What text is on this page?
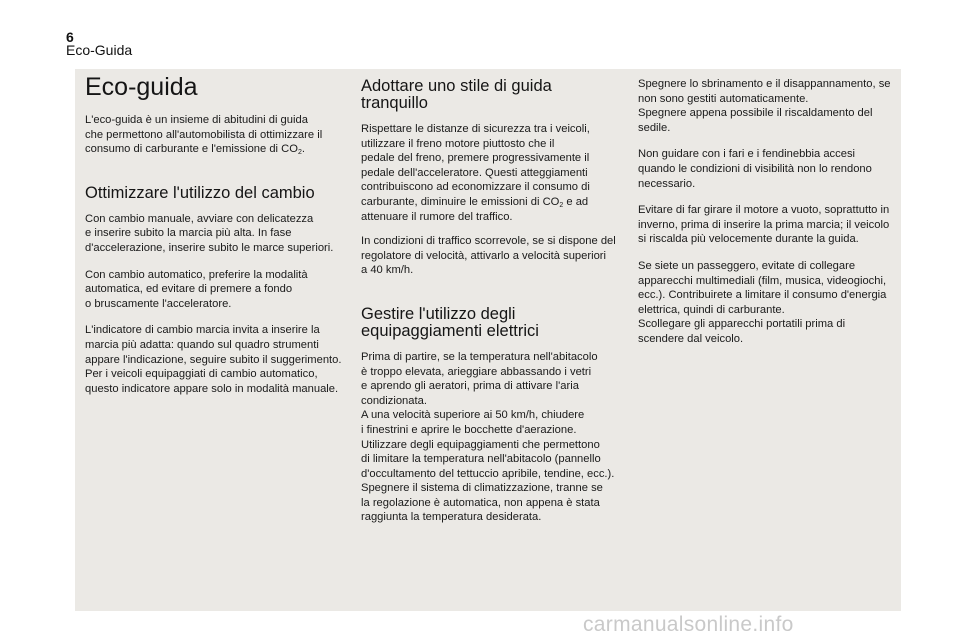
6
Eco-Guida
Eco-guida

L'eco-guida è un insieme di abitudini di guida
che permettono all'automobilista di ottimizzare il
consumo di carburante e l'emissione di $CO_2$.

Ottimizzare l'utilizzo del cambio

Con cambio manuale, avviare con delicatezza
e inserire subito la marcia più alta. In fase
d'accelerazione, inserire subito le marce superiori.

Con cambio automatico, preferire la modalità
automatica, ed evitare di premere a fondo
o bruscamente l'acceleratore.

L'indicatore di cambio marcia invita a inserire la
marcia più adatta: quando sul quadro strumenti
appare l'indicazione, seguire subito il suggerimento.
Per i veicoli equipaggiati di cambio automatico,
questo indicatore appare solo in modalità manuale.

Adottare uno stile di guida
tranquillo

Rispettare le distanze di sicurezza tra i veicoli,
utilizzare il freno motore piuttosto che il
pedale del freno, premere progressivamente il
pedale dell'acceleratore. Questi atteggiamenti
contribuiscono ad economizzare il consumo di
carburante, diminuire le emissioni di $CO_2$ e ad
attenuare il rumore del traffico.

In condizioni di traffico scorrevole, se si dispone del
regolatore di velocità, attivarlo a velocità superiori
a 40 km/h.

Gestire l'utilizzo degli
equipaggiamenti elettrici

Prima di partire, se la temperatura nell'abitacolo
è troppo elevata, arieggiare abbassando i vetri
e aprendo gli aeratori, prima di attivare l'aria
condizionata.
A una velocità superiore ai 50 km/h, chiudere
i finestrini e aprire le bocchette d'aerazione.
Utilizzare degli equipaggiamenti che permettono
di limitare la temperatura nell'abitacolo (pannello
d'occultamento del tettuccio apribile, tendine, ecc.).
Spegnere il sistema di climatizzazione, tranne se
la regolazione è automatica, non appena è stata
raggiunta la temperatura desiderata.

Spegnere lo sbrinamento e il disappannamento, se
non sono gestiti automaticamente.
Spegnere appena possibile il riscaldamento del
sedile.

Non guidare con i fari e i fendinebbia accesi
quando le condizioni di visibilità non lo rendono
necessario.

Evitare di far girare il motore a vuoto, soprattutto in
inverno, prima di inserire la prima marcia; il veicolo
si riscalda più velocemente durante la guida.

Se siete un passeggero, evitate di collegare
apparecchi multimediali (film, musica, videogiochi,
ecc.). Contribuirete a limitare il consumo d'energia
elettrica, quindi di carburante.
Scollegare gli apparecchi portatili prima di
scendere dal veicolo.

carmanualsonline.info
